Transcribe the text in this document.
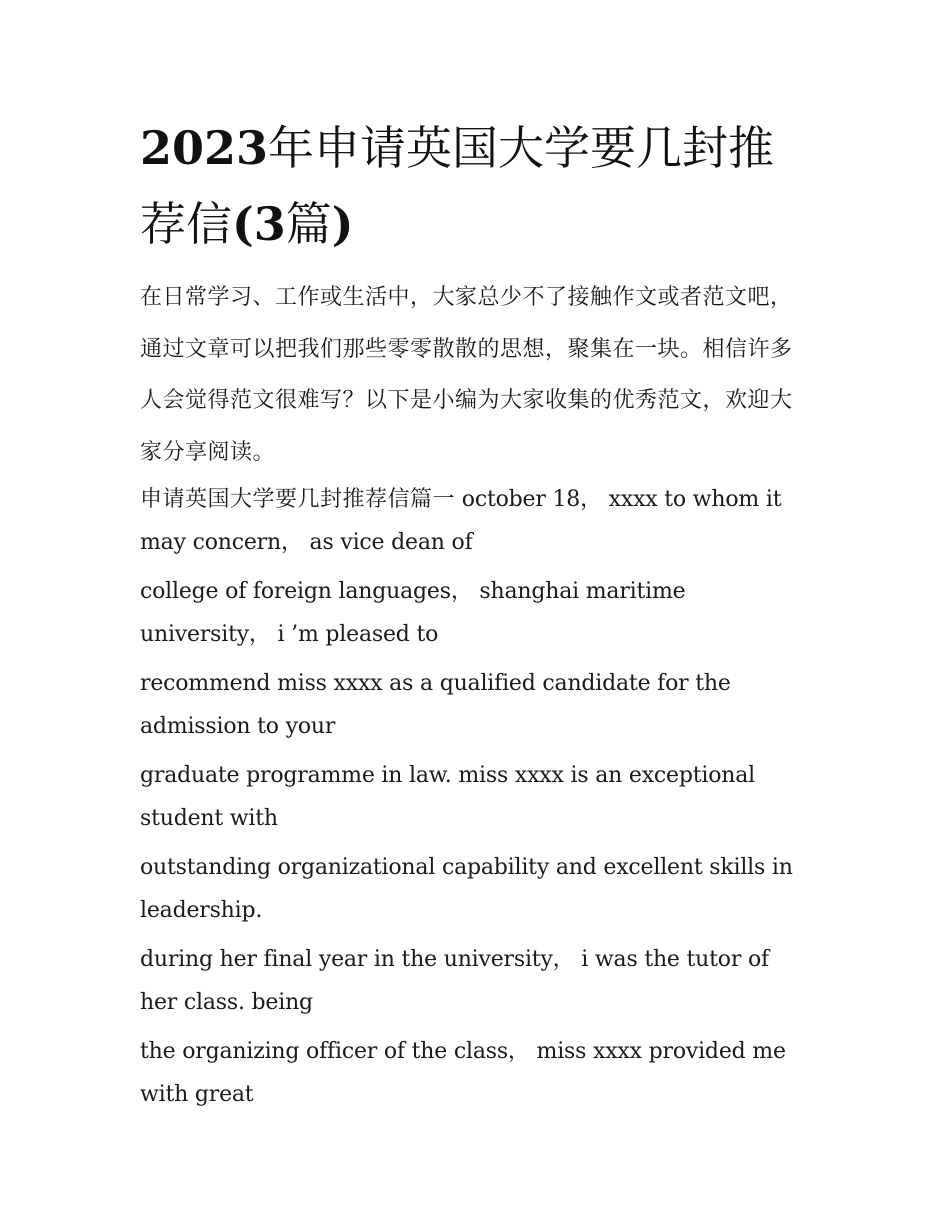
2023年申请英国大学要几封推荐信(3篇)

在日常学习、工作或生活中，大家总少不了接触作文或者范文吧，通过文章可以把我们那些零零散散的思想，聚集在一块。相信许多人会觉得范文很难写？以下是小编为大家收集的优秀范文，欢迎大家分享阅读。

申请英国大学要几封推荐信篇一 october 18， xxxx to whom it may concern， as vice dean of

college of foreign languages， shanghai maritime university， i ’m pleased to

recommend miss xxxx as a qualified candidate for the admission to your

graduate programme in law. miss xxxx is an exceptional student with

outstanding organizational capability and excellent skills in leadership.

during her final year in the university， i was the tutor of her class. being

the organizing officer of the class， miss xxxx provided me with great
